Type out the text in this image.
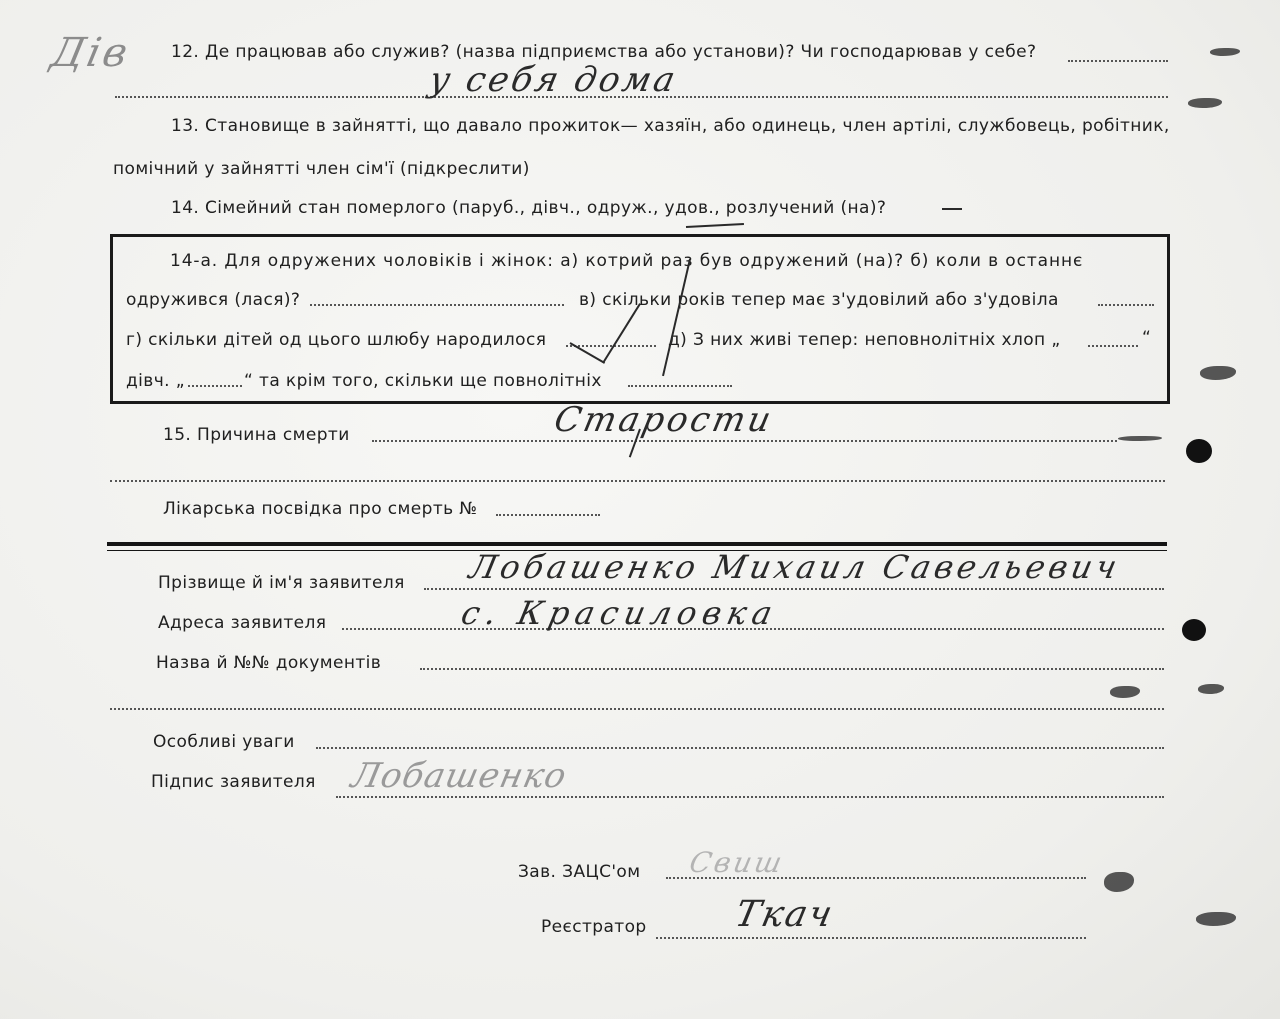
Дів 12. Де працював або служив? (назва підприємства або установи)? Чи господарював у себе?
у себя дома
13. Становище в зайнятті, що давало прожиток— хазяїн, або одинець, член артілі, службовець, робітник,
помічний у зайнятті член сім'ї (підкреслити)
14. Сімейний стан померлого (паруб., дівч., одруж., удов., розлучений (на)?
14-а. Для одружених чоловіків і жінок: а) котрий раз був одружений (на)? б) коли в останнє
одружився (лася)?	в) скільки років тепер має з'удовілий або з'удовіла
г) скільки дітей од цього шлюбу народилося	д) З них живі тепер: неповнолітніх хлоп „	“
дівч. „	“ та крім того, скільки ще повнолітніх
15. Причина смерти	Старости
Лікарська посвідка про смерть №
Прізвище й ім'я заявителя Лобашенко Михаил Савельевич
Адреса заявителя	с. Красиловка
Назва й №№ документів
Особливі уваги
Підпис заявителя Лобашенко
Зав. ЗАЦС'ом Свиш
Реєстратор Ткач
